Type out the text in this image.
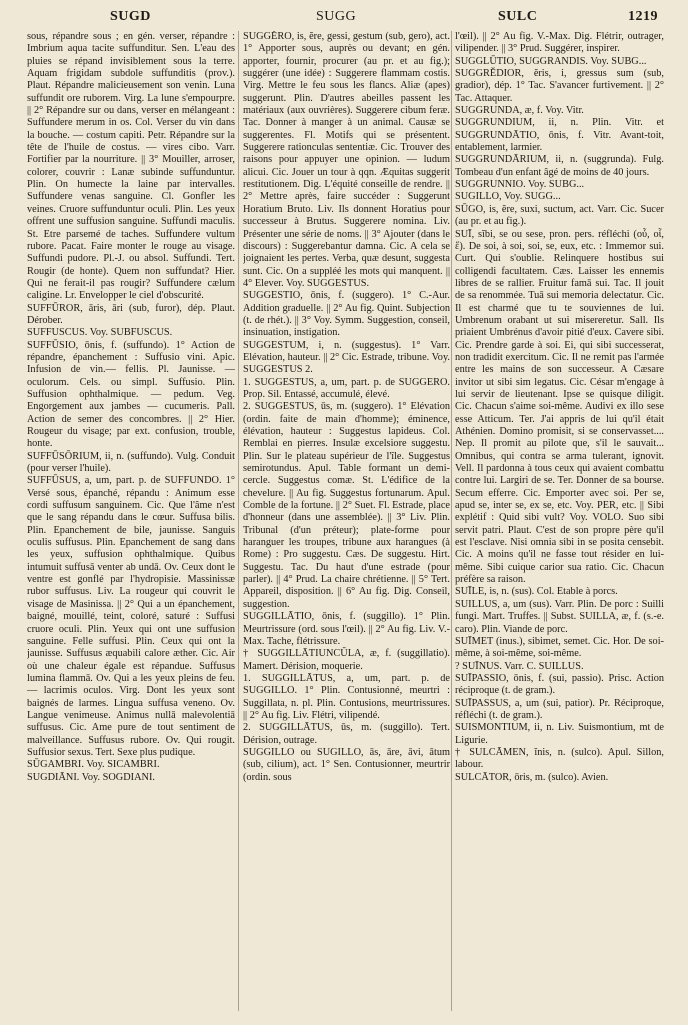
SUGD	SUGG	SULC	1219

sous, répandre sous ; en gén. verser, répandre : Imbrium aqua tacite suffunditur. Sen. L'eau des pluies se répand invisiblement sous la terre. Aquam frigidam subdole suffunditis (prov.). Plaut. Répandre malicieusement son venin. Luna suffundit ore ruborem. Virg. La lune s'empourpre. || 2° Répandre sur ou dans, verser en mélangeant : Suffundere merum in os. Col. Verser du vin dans la bouche. — costum capiti. Petr. Répandre sur la tête de l'huile de costus. — vires cibo. Varr. Fortifier par la nourriture. || 3° Mouiller, arroser, colorer, couvrir : Lanæ subinde suffunduntur. Plin. On humecte la laine par intervalles. Suffundere venas sanguine. Cl. Gonfler les veines. Cruore suffunduntur oculi. Plin. Les yeux offrent une suffusion sanguine. Suffundi maculis. St. Etre parsemé de taches. Suffundere vultum rubore. Pacat. Faire monter le rouge au visage. Suffundi pudore. Pl.-J. ou absol. Suffundi. Tert. Rougir (de honte). Quem non suffundat? Hier. Qui ne ferait-il pas rougir? Suffundere cælum caligine. Lr. Envelopper le ciel d'obscurité.

SUFFŪROR, āris, āri (sub, furor), dép. Plaut. Dérober.

SUFFUSCUS. Voy. SUBFUSCUS.

SUFFŪSIO, ōnis, f. (suffundo). 1° Action de répandre, épanchement : Suffusio vini. Apic. Infusion de vin.— fellis. Pl. Jaunisse. — oculorum. Cels. ou simpl. Suffusio. Plin. Suffusion ophthalmique. — pedum. Veg. Engorgement aux jambes — cucumeris. Pall. Action de semer des concombres. || 2° Hier. Rougeur du visage; par ext. confusion, trouble, honte.

SUFFŪSŌRIUM, ii, n. (suffundo). Vulg. Conduit (pour verser l'huile).

SUFFŪSUS, a, um, part. p. de SUFFUNDO. 1° Versé sous, épanché, répandu : Animum esse cordi suffusum sanguinem. Cic. Que l'âme n'est que le sang répandu dans le cœur. Suffusa bilis. Plin. Epanchement de bile, jaunisse. Sanguis oculis suffusus. Plin. Epanchement de sang dans les yeux, suffusion ophthalmique. Quibus intumuit suffusā venter ab undā. Ov. Ceux dont le ventre est gonflé par l'hydropisie. Massinissæ rubor suffusus. Liv. La rougeur qui couvrit le visage de Masinissa. || 2° Qui a un épanchement, baigné, mouillé, teint, coloré, saturé : Suffusi cruore oculi. Plin. Yeux qui ont une suffusion sanguine. Felle suffusi. Plin. Ceux qui ont la jaunisse. Suffusus æquabili calore æther. Cic. Air où une chaleur égale est répandue. Suffusus lumina flammā. Ov. Qui a les yeux pleins de feu. — lacrimis oculos. Virg. Dont les yeux sont baignés de larmes. Lingua suffusa veneno. Ov. Langue venimeuse. Animus nullā malevolentiā suffusus. Cic. Ame pure de tout sentiment de malveillance. Suffusus rubore. Ov. Qui rougit. Suffusior sexus. Tert. Sexe plus pudique.

SŪGAMBRI. Voy. SICAMBRI.

SUGDIĀNI. Voy. SOGDIANI.

SUGGĔRO, is, ĕre, gessi, gestum (sub, gero), act. 1° Apporter sous, auprès ou devant; en gén. apporter, fournir, procurer (au pr. et au fig.); suggérer (une idée) : Suggerere flammam costis. Virg. Mettre le feu sous les flancs. Aliæ (apes) suggerunt. Plin. D'autres abeilles passent les matériaux (aux ouvrières). Suggerere cibum feræ. Tac. Donner à manger à un animal. Causæ se suggerentes. Fl. Motifs qui se présentent. Suggerere rationculas sententiæ. Cic. Trouver des raisons pour appuyer une opinion. — ludum alicui. Cic. Jouer un tour à qqn. Æquitas suggerit restitutionem. Dig. L'équité conseille de rendre. || 2° Mettre après, faire succéder : Suggerunt Horatium Bruto. Liv. Ils donnent Horatius pour successeur à Brutus. Suggerere nomina. Liv. Présenter une série de noms. || 3° Ajouter (dans le discours) : Suggerebantur damna. Cic. A cela se joignaient les pertes. Verba, quæ desunt, suggesta sunt. Cic. On a suppléé les mots qui manquent. || 4° Elever. Voy. SUGGESTUS.

SUGGESTIO, ōnis, f. (suggero). 1° C.-Aur. Addition graduelle. || 2° Au fig. Quint. Subjection (t. de rhét.). || 3° Voy. Symm. Suggestion, conseil, insinuation, instigation.

SUGGESTUM, i, n. (suggestus). 1° Varr. Elévation, hauteur. || 2° Cic. Estrade, tribune. Voy. SUGGESTUS 2.

1. SUGGESTUS, a, um, part. p. de SUGGERO. Prop. Sil. Entassé, accumulé, élevé.

2. SUGGESTUS, ūs, m. (suggero). 1° Elévation (ordin. faite de main d'homme); éminence, élévation, hauteur : Suggestus lapideus. Col. Remblai en pierres. Insulæ excelsiore suggestu. Plin. Sur le plateau supérieur de l'île. Suggestus semirotundus. Apul. Table formant un demi-cercle. Suggestus comæ. St. L'édifice de la chevelure. || Au fig. Suggestus fortunarum. Apul. Comble de la fortune. || 2° Suet. Fl. Estrade, place d'honneur (dans une assemblée). || 3° Liv. Plin. Tribunal (d'un préteur); plate-forme pour haranguer les troupes, tribune aux harangues (à Rome) : Pro suggestu. Cæs. De suggestu. Hirt. Suggestu. Tac. Du haut d'une estrade (pour parler). || 4° Prud. La chaire chrétienne. || 5° Tert. Appareil, disposition. || 6° Au fig. Dig. Conseil, suggestion.

SUGGILLĀTIO, ōnis, f. (suggillo). 1° Plin. Meurtrissure (ord. sous l'œil). || 2° Au fig. Liv. V.-Max. Tache, flétrissure.

† SUGGILLĀTIUNCŬLA, æ, f. (suggillatio). Mamert. Dérision, moquerie.

1. SUGGILLĀTUS, a, um, part. p. de SUGGILLO. 1° Plin. Contusionné, meurtri : Suggillata, n. pl. Plin. Contusions, meurtrissures. || 2° Au fig. Liv. Flétri, vilipendé.

2. SUGGILLĀTUS, ūs, m. (suggillo). Tert. Dérision, outrage.

SUGGILLO ou SUGILLO, ās, āre, āvi, ātum (sub, cilium), act. 1° Sen. Contusionner, meurtrir (ordin. sous

l'œil). || 2° Au fig. V.-Max. Dig. Flétrir, outrager, vilipender. || 3° Prud. Suggérer, inspirer.

SUGGLŪTIO, SUGGRANDIS. Voy. SUBG...

SUGGRĔDIOR, ĕris, i, gressus sum (sub, gradior), dép. 1° Tac. S'avancer furtivement. || 2° Tac. Attaquer.

SUGGRUNDA, æ, f. Voy. Vitr.

SUGGRUNDIUM, ii, n. Plin. Vitr. et SUGGRUNDĀTIO, ōnis, f. Vitr. Avant-toit, entablement, larmier.

SUGGRUNDĀRIUM, ii, n. (suggrunda). Fulg. Tombeau d'un enfant âgé de moins de 40 jours.

SUGGRUNNIO. Voy. SUBG...

SUGILLO, Voy. SUGG...

SŪGO, is, ĕre, suxi, suctum, act. Varr. Cic. Sucer (au pr. et au fig.).

SUĪ, sĭbi, se ou sese, pron. pers. réfléchi (οὗ, οἷ, ἕ). De soi, à soi, soi, se, eux, etc. : Immemor sui. Curt. Qui s'oublie. Relinquere hostibus sui colligendi facultatem. Cæs. Laisser les ennemis libres de se rallier. Fruitur famā sui. Tac. Il jouit de sa renommée. Tuā sui memoria delectatur. Cic. Il est charmé que tu te souviennes de lui. Umbrenum orabant ut sui misereretur. Sall. Ils priaient Umbrénus d'avoir pitié d'eux. Cavere sibi. Cic. Prendre garde à soi. Ei, qui sibi successerat, non tradidit exercitum. Cic. Il ne remit pas l'armée entre les mains de son successeur. A Cæsare invitor ut sibi sim legatus. Cic. César m'engage à lui servir de lieutenant. Ipse se quisque diligit. Cic. Chacun s'aime soi-même. Audivi ex illo sese esse Atticum. Ter. J'ai appris de lui qu'il était Athénien. Domino promisit, si se conservasset.... Nep. Il promit au pilote que, s'il le sauvait... Omnibus, qui contra se arma tulerant, ignovit. Vell. Il pardonna à tous ceux qui avaient combattu contre lui. Largiri de se. Ter. Donner de sa bourse. Secum efferre. Cic. Emporter avec soi. Per se, apud se, inter se, ex se, etc. Voy. PER, etc. || Sibi explétif : Quid sibi vult? Voy. VOLO. Suo sibi servit patri. Plaut. C'est de son propre père qu'il est l'esclave. Nisi omnia sibi in se posita censebit. Cic. A moins qu'il ne fasse tout résider en lui-même. Sibi cuique carior sua ratio. Cic. Chacun préfère sa raison.

SUĪLE, is, n. (sus). Col. Etable à porcs.

SUILLUS, a, um (sus). Varr. Plin. De porc : Suilli fungi. Mart. Truffes. || Subst. SUILLA, æ, f. (s.-e. caro). Plin. Viande de porc.

SUĪMET (inus.), sibimet, semet. Cic. Hor. De soi-même, à soi-même, soi-même.

? SUĪNUS. Varr. C. SUILLUS.

SUĪPASSIO, ōnis, f. (sui, passio). Prisc. Action réciproque (t. de gram.).

SUĪPASSUS, a, um (sui, patior). Pr. Réciproque, réfléchi (t. de gram.).

SUISMONTIUM, ii, n. Liv. Suismontium, mt de Ligurie.

† SULCĀMEN, ĭnis, n. (sulco). Apul. Sillon, labour.

SULCĀTOR, ōris, m. (sulco). Avien.
